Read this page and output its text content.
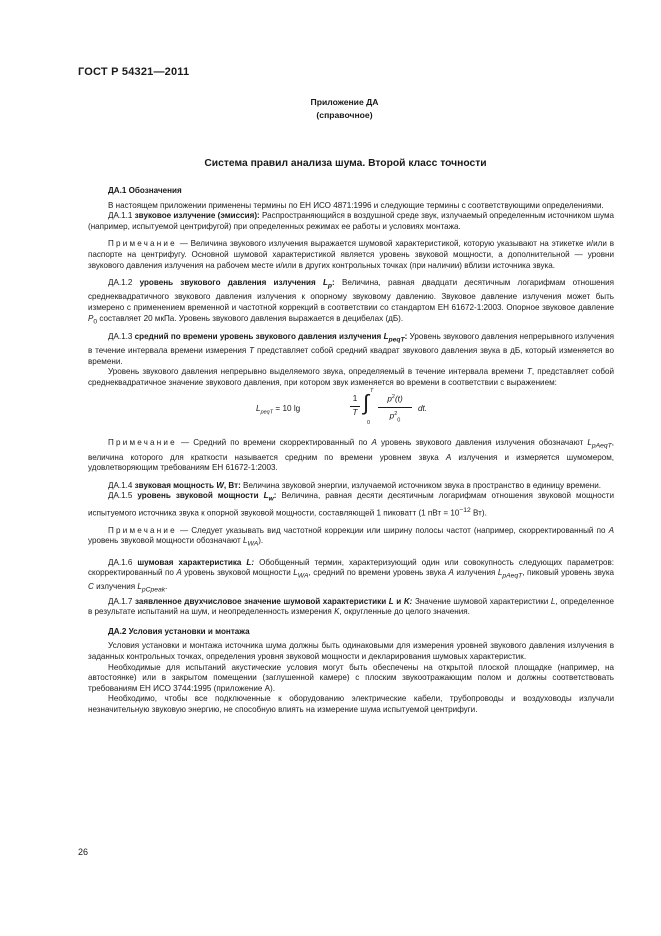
ГОСТ Р 54321—2011
Приложение ДА
(справочное)
Система правил анализа шума. Второй класс точности

ДА.1 Обозначения

В настоящем приложении применены термины по ЕН ИСО 4871:1996 и следующие термины с соответствующими определениями.

ДА.1.1 звуковое излучение (эмиссия): Распространяющийся в воздушной среде звук, излучаемый определенным источником шума (например, испытуемой центрифугой) при определенных режимах ее работы и условиях монтажа.

Примечание — Величина звукового излучения выражается шумовой характеристикой, которую указывают на этикетке и/или в паспорте на центрифугу. Основной шумовой характеристикой является уровень звуковой мощности, а дополнительной — уровни звукового давления излучения на рабочем месте и/или в других контрольных точках (при наличии) вблизи источника звука.

ДА.1.2 уровень звукового давления излучения $L_p$: Величина, равная двадцати десятичным логарифмам отношения среднеквадратичного звукового давления излучения к опорному звуковому давлению. Звуковое давление излучения может быть измерено с применением временной и частотной коррекций в соответствии со стандартом ЕН 61672-1:2003. Опорное звуковое давление $P_0$ составляет 20 мкПа. Уровень звукового давления выражается в децибелах (дБ).

ДА.1.3 средний по времени уровень звукового давления излучения $L_{peqT}$: Уровень звукового давления непрерывного излучения в течение интервала времени измерения T представляет собой средний квадрат звукового давления звука в дБ, который изменяется во времени.

Уровень звукового давления непрерывно выделяемого звука, определяемый в течение интервала времени T, представляет собой среднеквадратичное значение звукового давления, при котором звук изменяется во времени в соответствии с выражением:

$L_{peqT} = 10$ lg
1
T ∫ T
0
$p^2(t)$
$p^2_0$
dt.

Примечание — Средний по времени скорректированный по A уровень звукового давления излучения обозначают $L_{pAeqT}$, величина которого для краткости называется средним по времени уровнем звука A излучения и измеряется шумомером, удовлетворяющим требованиям ЕН 61672-1:2003.

ДА.1.4 звуковая мощность W, Вт: Величина звуковой энергии, излучаемой источником звука в пространство в единицу времени.

ДА.1.5 уровень звуковой мощности $L_w$: Величина, равная десяти десятичным логарифмам отношения звуковой мощности испытуемого источника звука к опорной звуковой мощности, составляющей 1 пиковатт (1 пВт = $10^{-12}$ Вт).

Примечание — Следует указывать вид частотной коррекции или ширину полосы частот (например, скорректированный по A уровень звуковой мощности обозначают $L_{WA}$).

ДА.1.6 шумовая характеристика L: Обобщенный термин, характеризующий один или совокупность следующих параметров: скорректированный по A уровень звуковой мощности $L_{WA}$, средний по времени уровень звука A излучения $L_{pAeqT}$, пиковый уровень звука C излучения $L_{pCpeak}$.

ДА.1.7 заявленное двухчисловое значение шумовой характеристики L и K: Значение шумовой характеристики L, определенное в результате испытаний на шум, и неопределенность измерения K, округленные до целого значения.

ДА.2 Условия установки и монтажа

Условия установки и монтажа источника шума должны быть одинаковыми для измерения уровней звукового давления излучения в заданных контрольных точках, определения уровня звуковой мощности и декларирования шумовых характеристик.

Необходимые для испытаний акустические условия могут быть обеспечены на открытой плоской площадке (например, на автостоянке) или в закрытом помещении (заглушенной камере) с плоским звукоотражающим полом и должны соответствовать требованиям ЕН ИСО 3744:1995 (приложение А).

Необходимо, чтобы все подключенные к оборудованию электрические кабели, трубопроводы и воздуховоды излучали незначительную звуковую энергию, не способную влиять на измерение шума испытуемой центрифуги.

26
